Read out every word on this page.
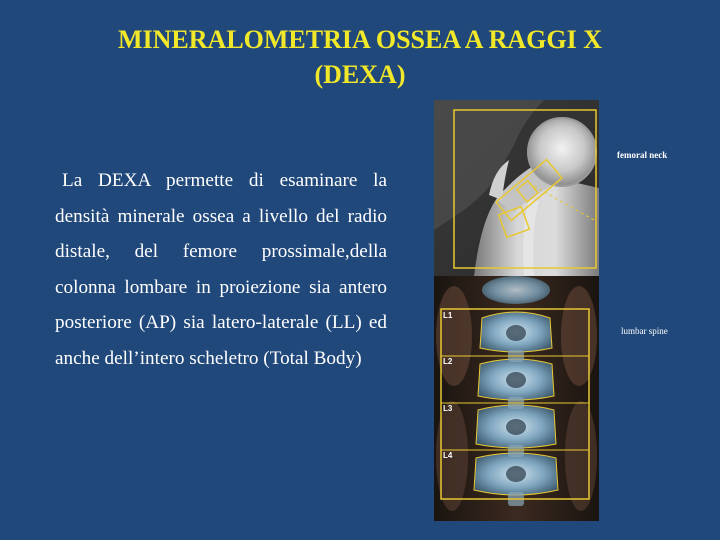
MINERALOMETRIA OSSEA A RAGGI X
(DEXA)
La DEXA permette di esaminare la densità minerale ossea a livello del radio distale, del femore prossimale,della colonna lombare in proiezione sia antero posteriore (AP) sia latero-laterale (LL) ed anche dell’intero scheletro (Total Body)
L1
L2
L3
L4
femoral neck
lumbar spine
